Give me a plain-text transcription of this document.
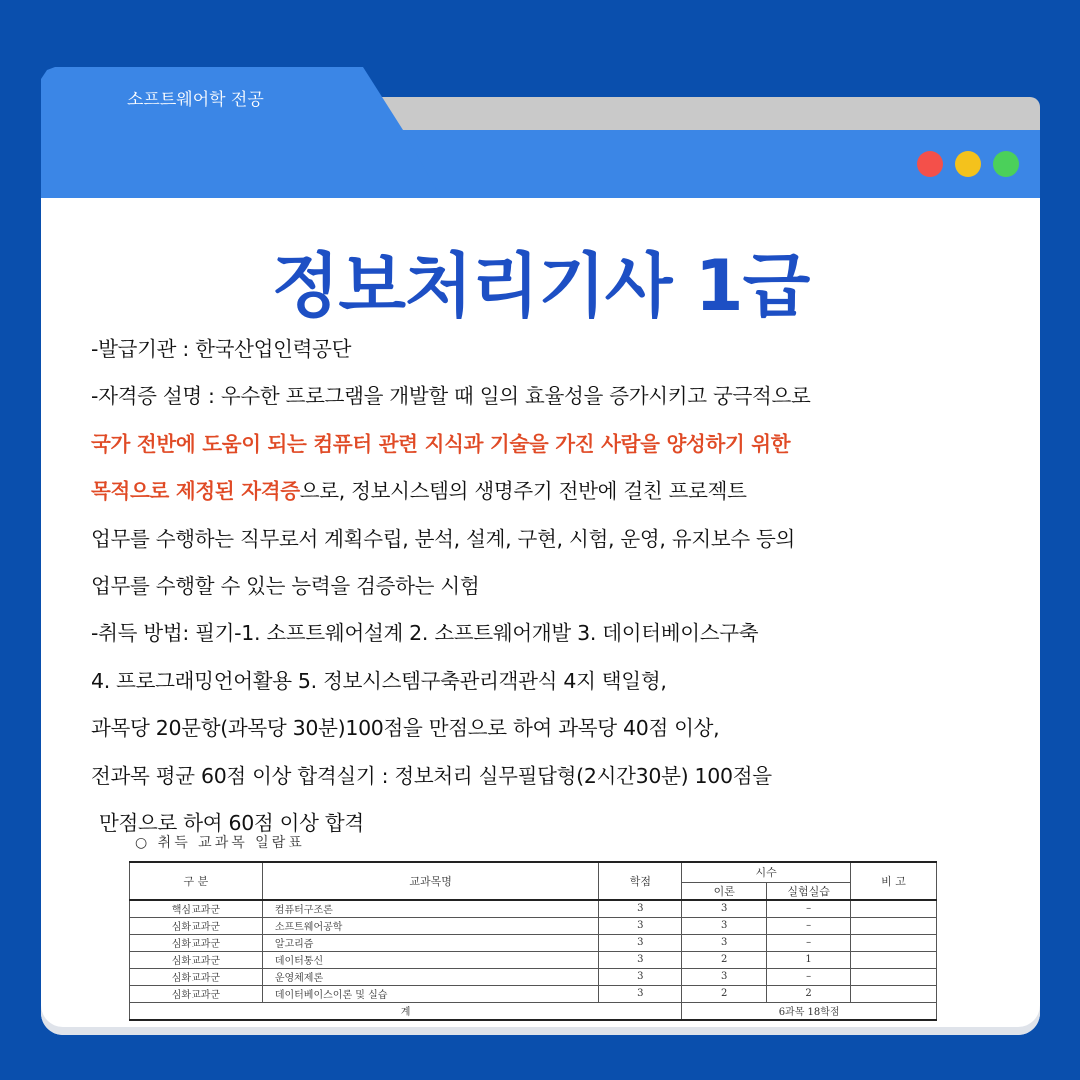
소프트웨어학 전공
정보처리기사 1급
-발급기관 : 한국산업인력공단
-자격증 설명 : 우수한 프로그램을 개발할 때 일의 효율성을 증가시키고 궁극적으로
국가 전반에 도움이 되는 컴퓨터 관련 지식과 기술을 가진 사람을 양성하기 위한
목적으로 제정된 자격증으로, 정보시스템의 생명주기 전반에 걸친 프로젝트
업무를 수행하는 직무로서 계획수립, 분석, 설계, 구현, 시험, 운영, 유지보수 등의
업무를 수행할 수 있는 능력을 검증하는 시험
-취득 방법: 필기-1. 소프트웨어설계 2. 소프트웨어개발 3. 데이터베이스구축
4. 프로그래밍언어활용 5. 정보시스템구축관리객관식 4지 택일형,
과목당 20문항(과목당 30분)100점을 만점으로 하여 과목당 40점 이상,
전과목 평균 60점 이상 합격실기 : 정보처리 실무필답형(2시간30분) 100점을
만점으로 하여 60점 이상 합격
○ 취득 교과목 일람표
구 분	교과목명	학점	시수		비 고
			이론	실험실습	
핵심교과군	컴퓨터구조론	3	3	–	
심화교과군	소프트웨어공학	3	3	–	
심화교과군	알고리즘	3	3	–	
심화교과군	데이터통신	3	2	1	
심화교과군	운영체제론	3	3	–	
심화교과군	데이터베이스이론 및 실습	3	2	2	
계			6과목 18학점		
